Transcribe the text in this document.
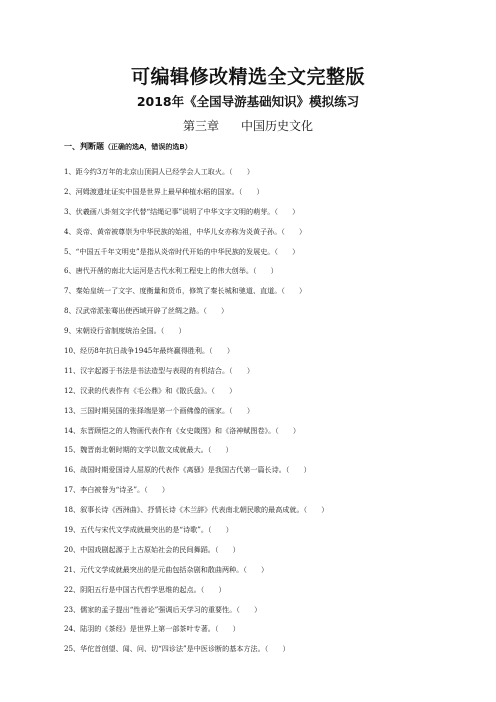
可编辑修改精选全文完整版
2018年《全国导游基础知识》模拟练习
第三章 中国历史文化
一、判断题（正确的选A，错误的选B）
1、距今约3万年的北京山顶洞人已经学会人工取火。（　　）
2、河姆渡遗址证实中国是世界上最早种植水稻的国家。（　　）
3、伏羲画八卦刻文字代替“结绳记事”说明了中华文字文明的萌芽。（　　）
4、炎帝、黄帝被尊崇为中华民族的始祖，中华儿女亦称为炎黄子孙。（　　）
5、“中国五千年文明史”是指从炎帝时代开始的中华民族的发展史。（　　）
6、唐代开凿的南北大运河是古代水利工程史上的伟大创举。（　　）
7、秦始皇统一了文字、度衡量和货币，修筑了秦长城和驰道、直道。（　　）
8、汉武帝派张骞出使西域开辟了丝绸之路。（　　）
9、宋朝设行省制度统治全国。（　　）
10、经历8年抗日战争1945年最终赢得胜利。（　　）
11、汉字起源于书法是书法造型与表现的有机结合。（　　）
12、汉隶的代表作有《毛公鼎》和《散氏盘》。（　　）
13、三国时期吴国的张择端是第一个画佛像的画家。（　　）
14、东晋顾恺之的人物画代表作有《女史箴图》和《洛神赋图卷》。（　　）
15、魏晋南北朝时期的文学以散文成就最大。（　　）
16、战国时期爱国诗人屈原的代表作《离骚》是我国古代第一篇长诗。（　　）
17、李白被誉为“诗圣”。（　　）
18、叙事长诗《西洲曲》、抒情长诗《木兰辞》代表南北朝民歌的最高成就。（　　）
19、五代与宋代文学成就最突出的是“诗歌”。（　　）
20、中国戏剧起源于上古原始社会的民间舞蹈。（　　）
21、元代文学成就最突出的是元曲包括杂剧和散曲两种。（　　）
22、阴阳五行是中国古代哲学思维的起点。（　　）
23、儒家的孟子提出“性善论”强调后天学习的重要性。（　　）
24、陆羽的《茶经》是世界上第一部茶叶专著。（　　）
25、华佗首创望、闻、问、切“四诊法”是中医诊断的基本方法。（　　）
